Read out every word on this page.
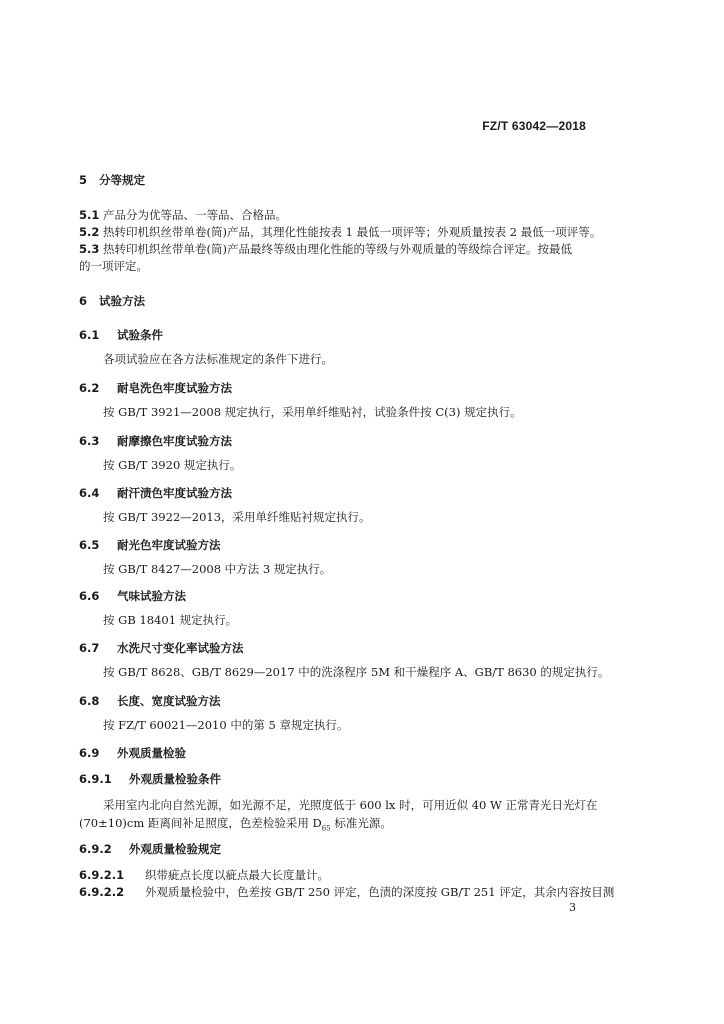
FZ/T 63042—2018
5 分等规定
5.1 产品分为优等品、一等品、合格品。
5.2 热转印机织丝带单卷(筒)产品，其理化性能按表 1 最低一项评等；外观质量按表 2 最低一项评等。
5.3 热转印机织丝带单卷(筒)产品最终等级由理化性能的等级与外观质量的等级综合评定。按最低
的一项评定。
6 试验方法
6.1 试验条件
各项试验应在各方法标准规定的条件下进行。
6.2 耐皂洗色牢度试验方法
按 GB/T 3921—2008 规定执行，采用单纤维贴衬，试验条件按 C(3) 规定执行。
6.3 耐摩擦色牢度试验方法
按 GB/T 3920 规定执行。
6.4 耐汗渍色牢度试验方法
按 GB/T 3922—2013，采用单纤维贴衬规定执行。
6.5 耐光色牢度试验方法
按 GB/T 8427—2008 中方法 3 规定执行。
6.6 气味试验方法
按 GB 18401 规定执行。
6.7 水洗尺寸变化率试验方法
按 GB/T 8628、GB/T 8629—2017 中的洗涤程序 5M 和干燥程序 A、GB/T 8630 的规定执行。
6.8 长度、宽度试验方法
按 FZ/T 60021—2010 中的第 5 章规定执行。
6.9 外观质量检验
6.9.1 外观质量检验条件
采用室内北向自然光源，如光源不足，光照度低于 600 lx 时，可用近似 40 W 正常青光日光灯在
(70±10)cm 距离间补足照度，色差检验采用 $D_{65}$ 标准光源。
6.9.2 外观质量检验规定
6.9.2.1 织带疵点长度以疵点最大长度量计。
6.9.2.2 外观质量检验中，色差按 GB/T 250 评定，色渍的深度按 GB/T 251 评定，其余内容按目测
3
